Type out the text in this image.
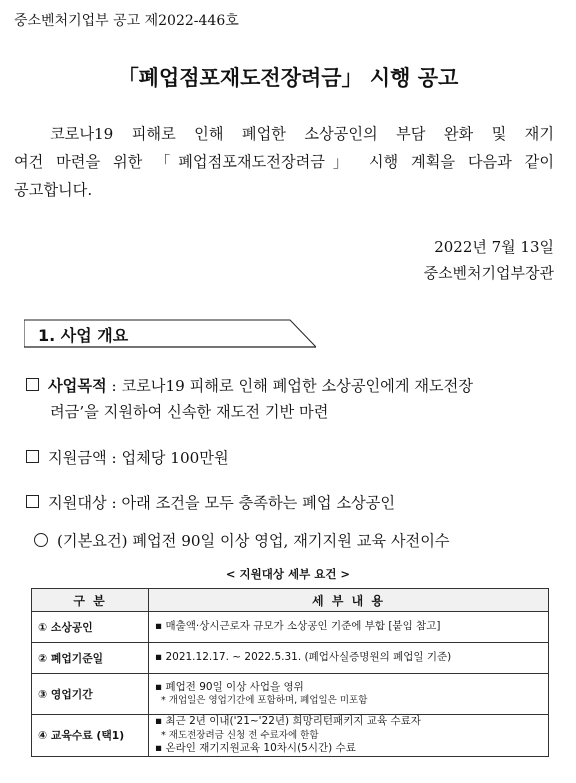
중소벤처기업부 공고 제2022-446호
「폐업점포재도전장려금」 시행 공고
코로나19 피해로 인해 폐업한 소상공인의 부담 완화 및 재기
여건 마련을 위한 「폐업점포재도전장려금」 시행 계획을 다음과 같이
공고합니다.
2022년 7월 13일
중소벤처기업부장관
1. 사업 개요
사업목적 : 코로나19 피해로 인해 폐업한 소상공인에게 재도전장
려금’을 지원하여 신속한 재도전 기반 마련
지원금액 : 업체당 100만원
지원대상 : 아래 조건을 모두 충족하는 폐업 소상공인
(기본요건) 폐업전 90일 이상 영업, 재기지원 교육 사전이수
< 지원대상 세부 요건 >
구 분	세 부 내 용
① 소상공인	▪ 매출액·상시근로자 규모가 소상공인 기준에 부합 [붙임 참고]

② 폐업기준일	▪ 2021.12.17. ~ 2022.5.31. (폐업사실증명원의 폐업일 기준)

③ 영업기간	▪ 폐업전 90일 이상 사업을 영위
* 개업일은 영업기간에 포함하며, 폐업일은 미포함

④ 교육수료 (택1)	▪ 최근 2년 이내('21~'22년) 희망리턴패키지 교육 수료자
* 재도전장려금 신청 전 수료자에 한함
▪ 온라인 재기지원교육 10차시(5시간) 수료
